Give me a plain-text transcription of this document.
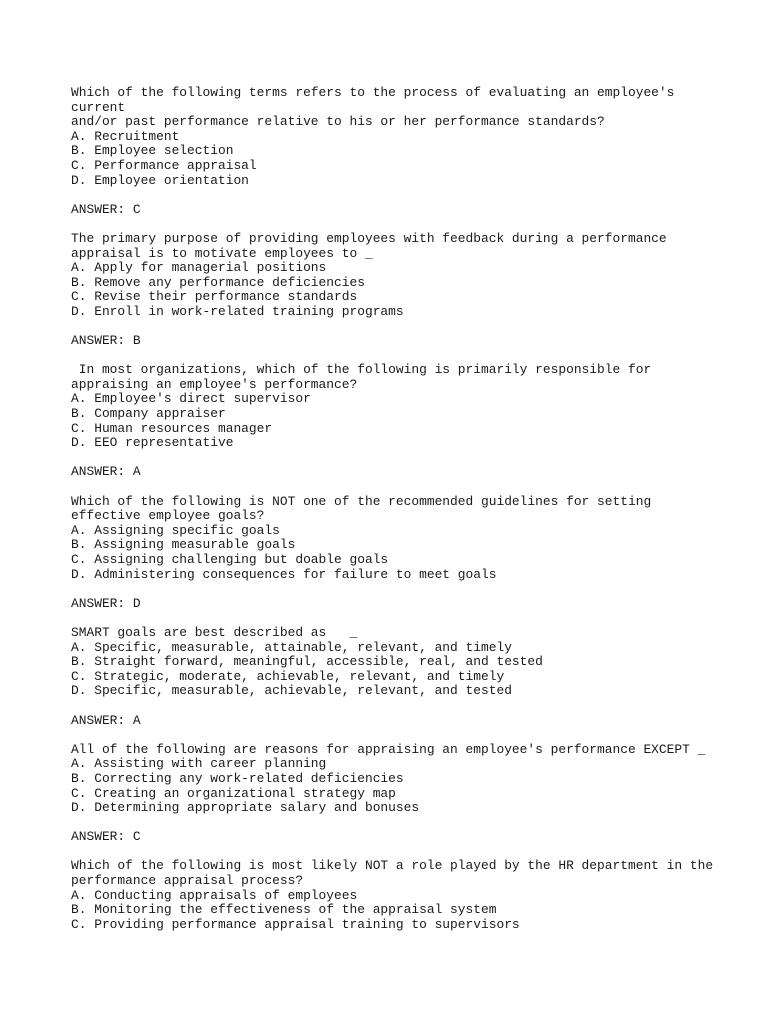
Which of the following terms refers to the process of evaluating an employee's
current
and/or past performance relative to his or her performance standards?
A. Recruitment
B. Employee selection
C. Performance appraisal
D. Employee orientation
ANSWER: C
The primary purpose of providing employees with feedback during a performance
appraisal is to motivate employees to _
A. Apply for managerial positions
B. Remove any performance deficiencies
C. Revise their performance standards
D. Enroll in work-related training programs
ANSWER: B
In most organizations, which of the following is primarily responsible for
appraising an employee's performance?
A. Employee's direct supervisor
B. Company appraiser
C. Human resources manager
D. EEO representative
ANSWER: A
Which of the following is NOT one of the recommended guidelines for setting
effective employee goals?
A. Assigning specific goals
B. Assigning measurable goals
C. Assigning challenging but doable goals
D. Administering consequences for failure to meet goals
ANSWER: D
SMART goals are best described as   _
A. Specific, measurable, attainable, relevant, and timely
B. Straight forward, meaningful, accessible, real, and tested
C. Strategic, moderate, achievable, relevant, and timely
D. Specific, measurable, achievable, relevant, and tested
ANSWER: A
All of the following are reasons for appraising an employee's performance EXCEPT _
A. Assisting with career planning
B. Correcting any work-related deficiencies
C. Creating an organizational strategy map
D. Determining appropriate salary and bonuses
ANSWER: C
Which of the following is most likely NOT a role played by the HR department in the
performance appraisal process?
A. Conducting appraisals of employees
B. Monitoring the effectiveness of the appraisal system
C. Providing performance appraisal training to supervisors
